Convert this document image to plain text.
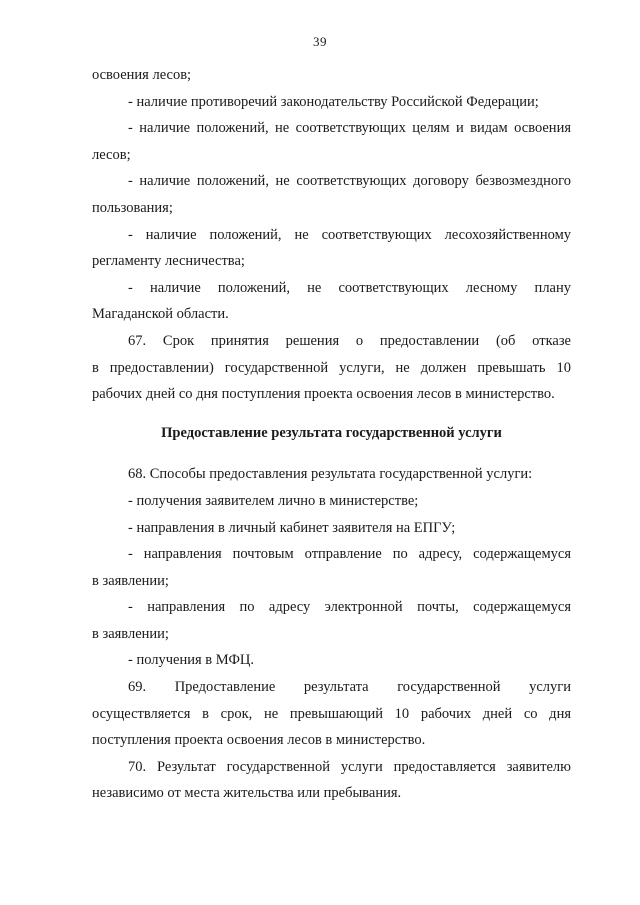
39

освоения лесов;

- наличие противоречий законодательству Российской Федерации;

- наличие положений, не соответствующих целям и видам освоения

лесов;

- наличие положений, не соответствующих договору безвозмездного

пользования;

- наличие положений, не соответствующих лесохозяйственному

регламенту лесничества;

- наличие положений, не соответствующих лесному плану

Магаданской области.

67. Срок принятия решения о предоставлении (об отказе

в предоставлении) государственной услуги, не должен превышать 10

рабочих дней со дня поступления проекта освоения лесов в министерство.

Предоставление результата государственной услуги

68. Способы предоставления результата государственной услуги:

- получения заявителем лично в министерстве;

- направления в личный кабинет заявителя на ЕПГУ;

- направления почтовым отправление по адресу, содержащемуся

в заявлении;

- направления по адресу электронной почты, содержащемуся

в заявлении;

- получения в МФЦ.

69. Предоставление результата государственной услуги

осуществляется в срок, не превышающий 10 рабочих дней со дня

поступления проекта освоения лесов в министерство.

70. Результат государственной услуги предоставляется заявителю

независимо от места жительства или пребывания.
